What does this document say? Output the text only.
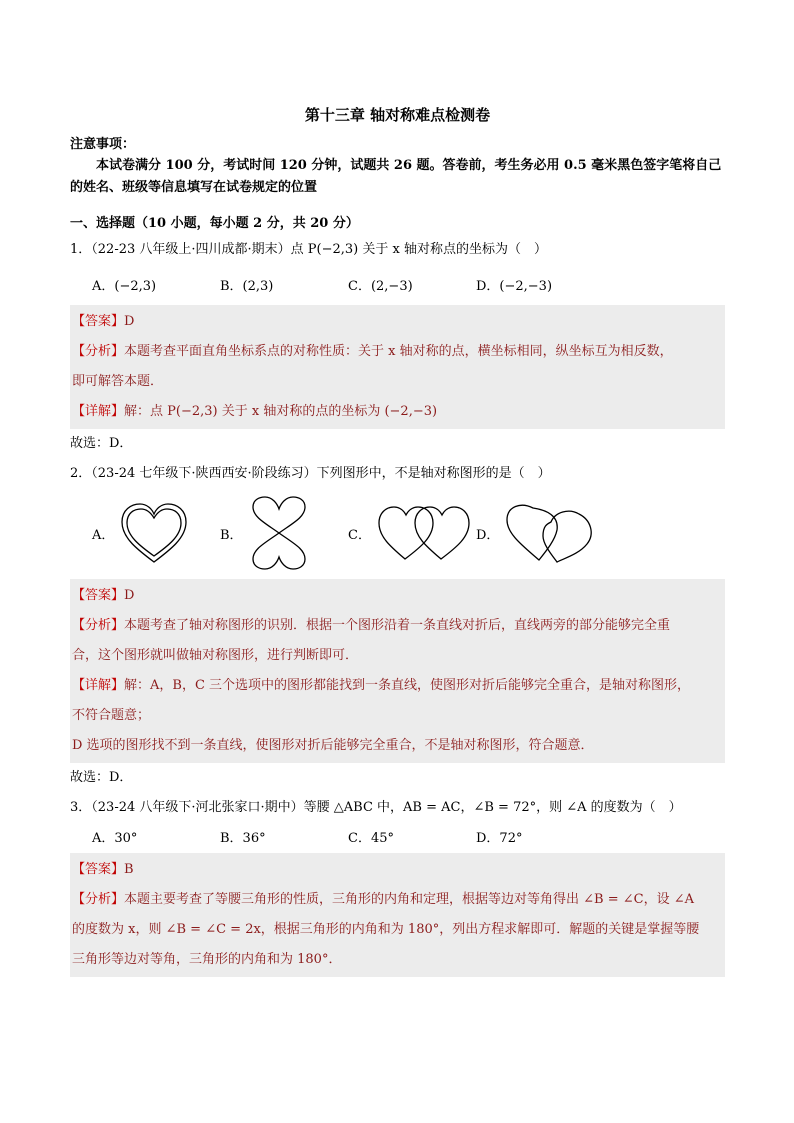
第十三章 轴对称难点检测卷
注意事项：
本试卷满分 100 分，考试时间 120 分钟，试题共 26 题。答卷前，考生务必用 0.5 毫米黑色签字笔将自己的姓名、班级等信息填写在试卷规定的位置
一、选择题（10 小题，每小题 2 分，共 20 分）
1．（22-23 八年级上·四川成都·期末）点 P(−2,3) 关于 x 轴对称点的坐标为（　）
A．(−2,3)	B．(2,3)	C．(2,−3)	D．(−2,−3)
【答案】D
【分析】本题考查平面直角坐标系点的对称性质：关于 x 轴对称的点，横坐标相同，纵坐标互为相反数，
即可解答本题．
【详解】解：点 P(−2,3) 关于 x 轴对称的点的坐标为 (−2,−3)
故选：D．
2．（23-24 七年级下·陕西西安·阶段练习）下列图形中，不是轴对称图形的是（　）
A．	B．	C．	D．
【答案】D
【分析】本题考查了轴对称图形的识别．根据一个图形沿着一条直线对折后，直线两旁的部分能够完全重
合，这个图形就叫做轴对称图形，进行判断即可．
【详解】解：A，B，C 三个选项中的图形都能找到一条直线，使图形对折后能够完全重合，是轴对称图形，
不符合题意；
D 选项的图形找不到一条直线，使图形对折后能够完全重合，不是轴对称图形，符合题意．
故选：D．
3．（23-24 八年级下·河北张家口·期中）等腰 △ABC 中，AB = AC，∠B = 72°，则 ∠A 的度数为（　）
A．30°	B．36°	C．45°	D．72°
【答案】B
【分析】本题主要考查了等腰三角形的性质，三角形的内角和定理，根据等边对等角得出 ∠B = ∠C，设 ∠A
的度数为 x，则 ∠B = ∠C = 2x，根据三角形的内角和为 180°，列出方程求解即可．解题的关键是掌握等腰
三角形等边对等角，三角形的内角和为 180°．
